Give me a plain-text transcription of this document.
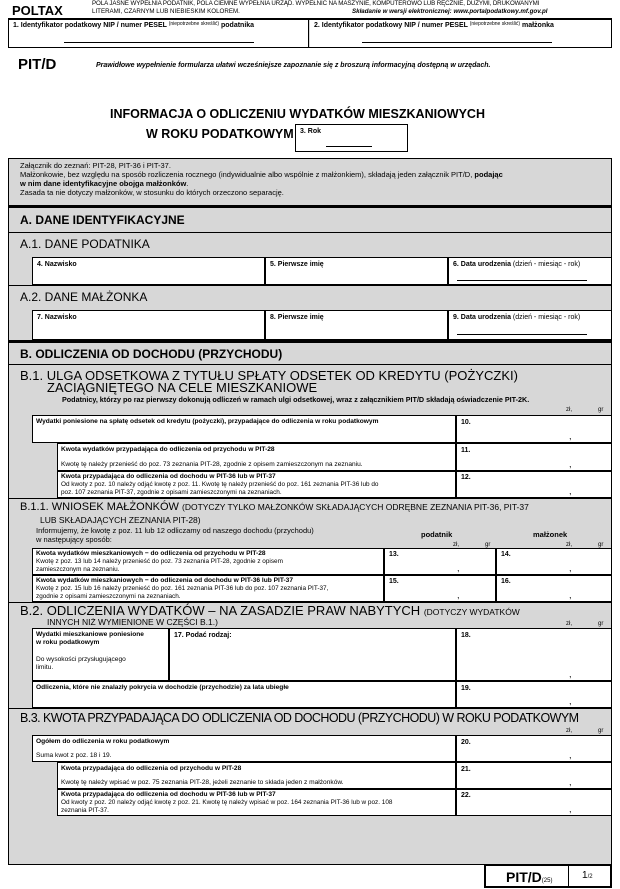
POLTAX	POLA JASNE WYPEŁNIA PODATNIK, POLA CIEMNE WYPEŁNIA URZĄD. WYPEŁNIĆ NA MASZYNIE, KOMPUTEROWO LUB RĘCZNIE, DUŻYMI, DRUKOWANYMI
LITERAMI, CZARNYM LUB NIEBIESKIM KOLOREM.	Składanie w wersji elektronicznej: www.portalpodatkowy.mf.gov.pl
1. Identyfikator podatkowy NIP / numer PESEL $^{(niepotrzebne skreślić)}$ podatnika	2. Identyfikator podatkowy NIP / numer PESEL $^{(niepotrzebne skreślić)}$ małżonka
PIT/D	Prawidłowe wypełnienie formularza ułatwi wcześniejsze zapoznanie się z broszurą informacyjną dostępną w urzędach.
INFORMACJA O ODLICZENIU WYDATKÓW MIESZKANIOWYCH
W ROKU PODATKOWYM 3. Rok
Załącznik do zeznań: PIT-28, PIT-36 i PIT-37.
Małżonkowie, bez względu na sposób rozliczenia rocznego (indywidualnie albo wspólnie z małżonkiem), składają jeden załącznik PIT/D, podając
w nim dane identyfikacyjne obojga małżonków.
Zasada ta nie dotyczy małżonków, w stosunku do których orzeczono separację.
A. DANE IDENTYFIKACYJNE
A.1. DANE PODATNIKA
4. Nazwisko	5. Pierwsze imię	6. Data urodzenia (dzień - miesiąc - rok)
A.2. DANE MAŁŻONKA
7. Nazwisko	8. Pierwsze imię	9. Data urodzenia (dzień - miesiąc - rok)
B. ODLICZENIA OD DOCHODU (PRZYCHODU)
B.1. ULGA ODSETKOWA Z TYTUŁU SPŁATY ODSETEK OD KREDYTU (POŻYCZKI)
ZACIĄGNIĘTEGO NA CELE MIESZKANIOWE
Podatnicy, którzy po raz pierwszy dokonują odliczeń w ramach ulgi odsetkowej, wraz z załącznikiem PIT/D składają oświadczenie PIT-2K.
zł,	gr
Wydatki poniesione na spłatę odsetek od kredytu (pożyczki), przypadające do odliczenia w roku podatkowym	10.
,
Kwota wydatków przypadająca do odliczenia od przychodu w PIT-28
Kwotę tę należy przenieść do poz. 73 zeznania PIT-28, zgodnie z opisem zamieszczonym na zeznaniu.
11.
,
Kwota przypadająca do odliczenia od dochodu w PIT-36 lub w PIT-37
Od kwoty z poz. 10 należy odjąć kwotę z poz. 11. Kwotę tę należy przenieść do poz. 161 zeznania PIT-36 lub do
poz. 107 zeznania PIT-37, zgodnie z opisami zamieszczonymi na zeznaniach.
12.
,
B.1.1. WNIOSEK MAŁŻONKÓW (DOTYCZY TYLKO MAŁŻONKÓW SKŁADAJĄCYCH ODRĘBNE ZEZNANIA PIT-36, PIT-37
LUB SKŁADAJĄCYCH ZEZNANIA PIT-28)
Informujemy, że kwotę z poz. 11 lub 12 odliczamy od naszego dochodu (przychodu)
w następujący sposób:
podatnik	małżonek
zł,	gr	zł,	gr
Kwota wydatków mieszkaniowych − do odliczenia od przychodu w PIT-28
Kwotę z poz. 13 lub 14 należy przenieść do poz. 73 zeznania PIT-28, zgodnie z opisem
zamieszczonym na zeznaniu.
13.
,
14.
,
Kwota wydatków mieszkaniowych − do odliczenia od dochodu w PIT-36 lub PIT-37
Kwotę z poz. 15 lub 16 należy przenieść do poz. 161 zeznania PIT-36 lub do poz. 107 zeznania PIT-37,
zgodnie z opisami zamieszczonymi na zeznaniach.
15.
,
16.
,
B.2. ODLICZENIA WYDATKÓW – NA ZASADZIE PRAW NABYTYCH (DOTYCZY WYDATKÓW
INNYCH NIŻ WYMIENIONE W CZĘŚCI B.1.)	zł,	gr
Wydatki mieszkaniowe poniesione
w roku podatkowym
Do wysokości przysługującego
limitu.
17. Podać rodzaj:	18.
,
Odliczenia, które nie znalazły pokrycia w dochodzie (przychodzie) za lata ubiegłe	19.
,
B.3. KWOTA PRZYPADAJĄCA DO ODLICZENIA OD DOCHODU (PRZYCHODU) W ROKU PODATKOWYM
zł,	gr
Ogółem do odliczenia w roku podatkowym
Suma kwot z poz. 18 i 19.
20.
,
Kwota przypadająca do odliczenia od przychodu w PIT-28
Kwotę tę należy wpisać w poz. 75 zeznania PIT-28, jeżeli zeznanie to składa jeden z małżonków.
21.
,
Kwota przypadająca do odliczenia od dochodu w PIT-36 lub w PIT-37
Od kwoty z poz. 20 należy odjąć kwotę z poz. 21. Kwotę tę należy wpisać w poz. 164 zeznania PIT-36 lub w poz. 108
zeznania PIT-37.
22.
,
PIT/D(25)	1/2
